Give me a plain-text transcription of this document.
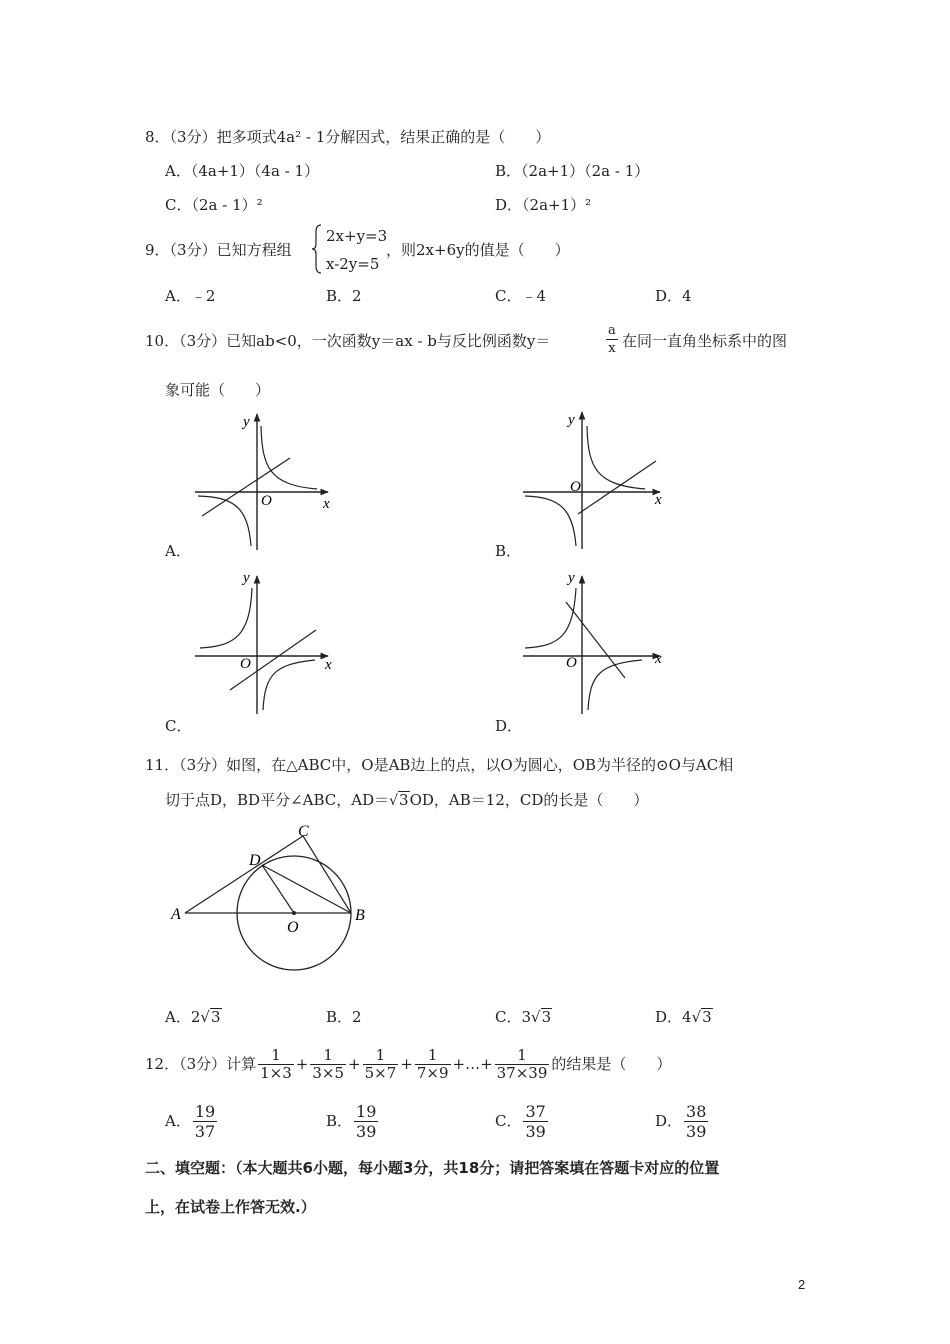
8．（3分）把多项式4a² - 1分解因式，结果正确的是（　　）
A．（4a+1）（4a - 1）	B．（2a+1）（2a - 1）
C．（2a - 1）²	D．（2a+1）²
9．（3分）已知方程组
2x+y=3
x-2y=5
，则2x+6y的值是（　　）
A．﹣2	B．2	C．﹣4	D．4
10．（3分）已知ab<0，一次函数y＝ax - b与反比例函数y＝	$\frac{a}{x}$ 在同一直角坐标系中的图
象可能（　　）
y
x
O
A．
y
x
O
B．
y
x
O
C．
y
x
O
D．
11．（3分）如图，在△ABC中，O是AB边上的点，以O为圆心，OB为半径的⊙O与AC相
切于点D，BD平分∠ABC，AD＝√3OD，AB＝12，CD的长是（　　）
A	B
C
D
O
A．2√3	B．2	C．3√3	D．4√3
12．（3分）计算 $\frac{1}{1\times 3} + \frac{1}{3\times 5} + \frac{1}{5\times 7} + \frac{1}{7\times 9}$ +…+ $\frac{1}{37\times 39}$ 的结果是（　　）
A． $\frac{19}{37}$	B． $\frac{19}{39}$	C． $\frac{37}{39}$	D． $\frac{38}{39}$
二、填空题：（本大题共6小题，每小题3分，共18分；请把答案填在答题卡对应的位置
上，在试卷上作答无效.）
2
